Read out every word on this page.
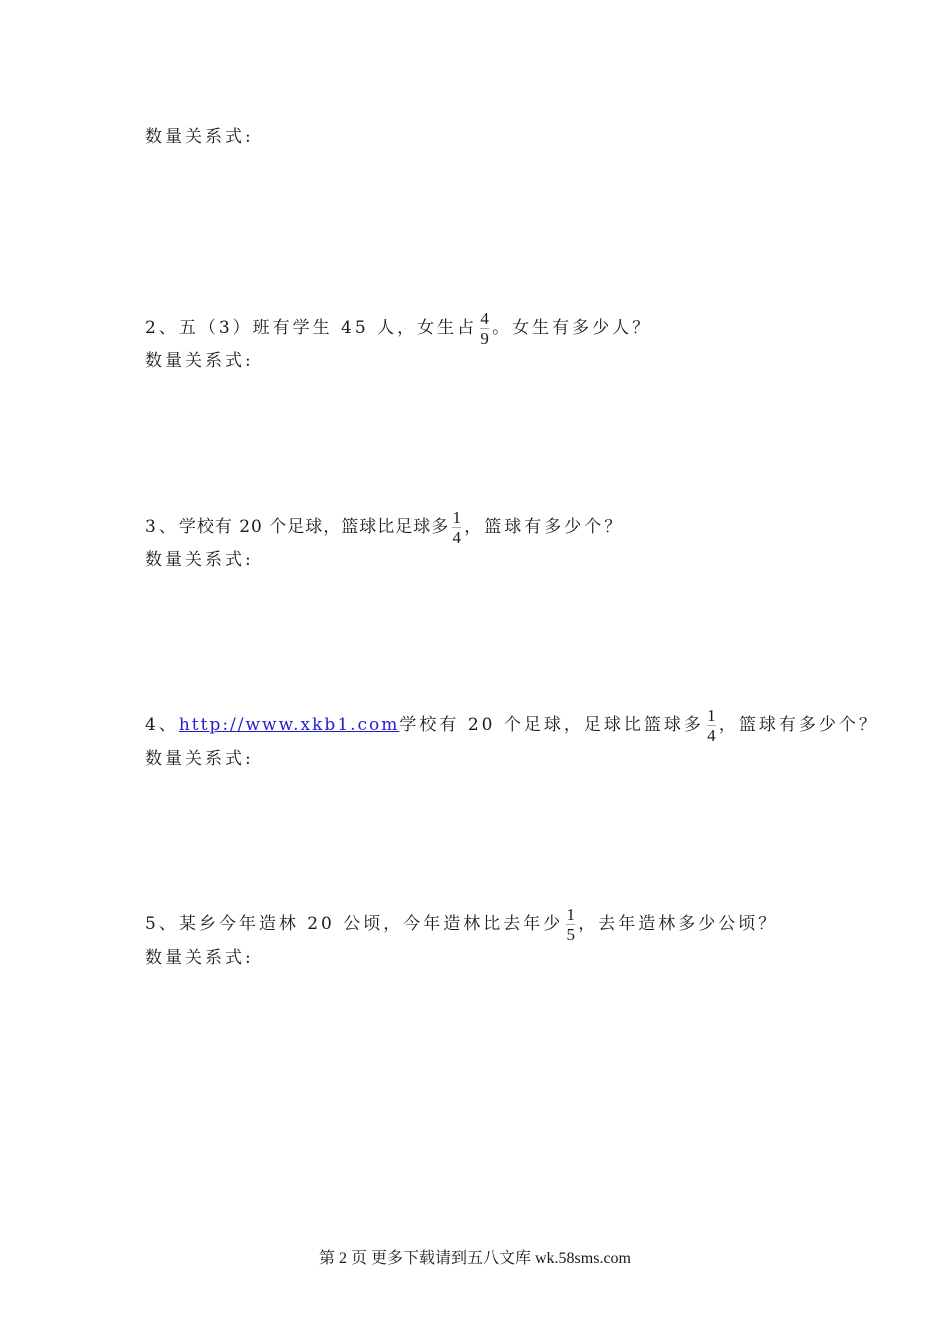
数量关系式:
2、五（3）班有学生 45 人，女生占 $\frac{4}{9}$ 。女生有多少人？
数量关系式:
3、学校有 20 个足球，篮球比足球多 $\frac{1}{4}$ ，篮球有多少个？
数量关系式:
4、http://www.xkb1.com学校有 20 个足球，足球比篮球多 $\frac{1}{4}$ ，篮球有多少个？
数量关系式:
5、某乡今年造林 20 公顷，今年造林比去年少 $\frac{1}{5}$ ，去年造林多少公顷？
数量关系式:
第 2 页 更多下载请到五八文库 wk.58sms.com
